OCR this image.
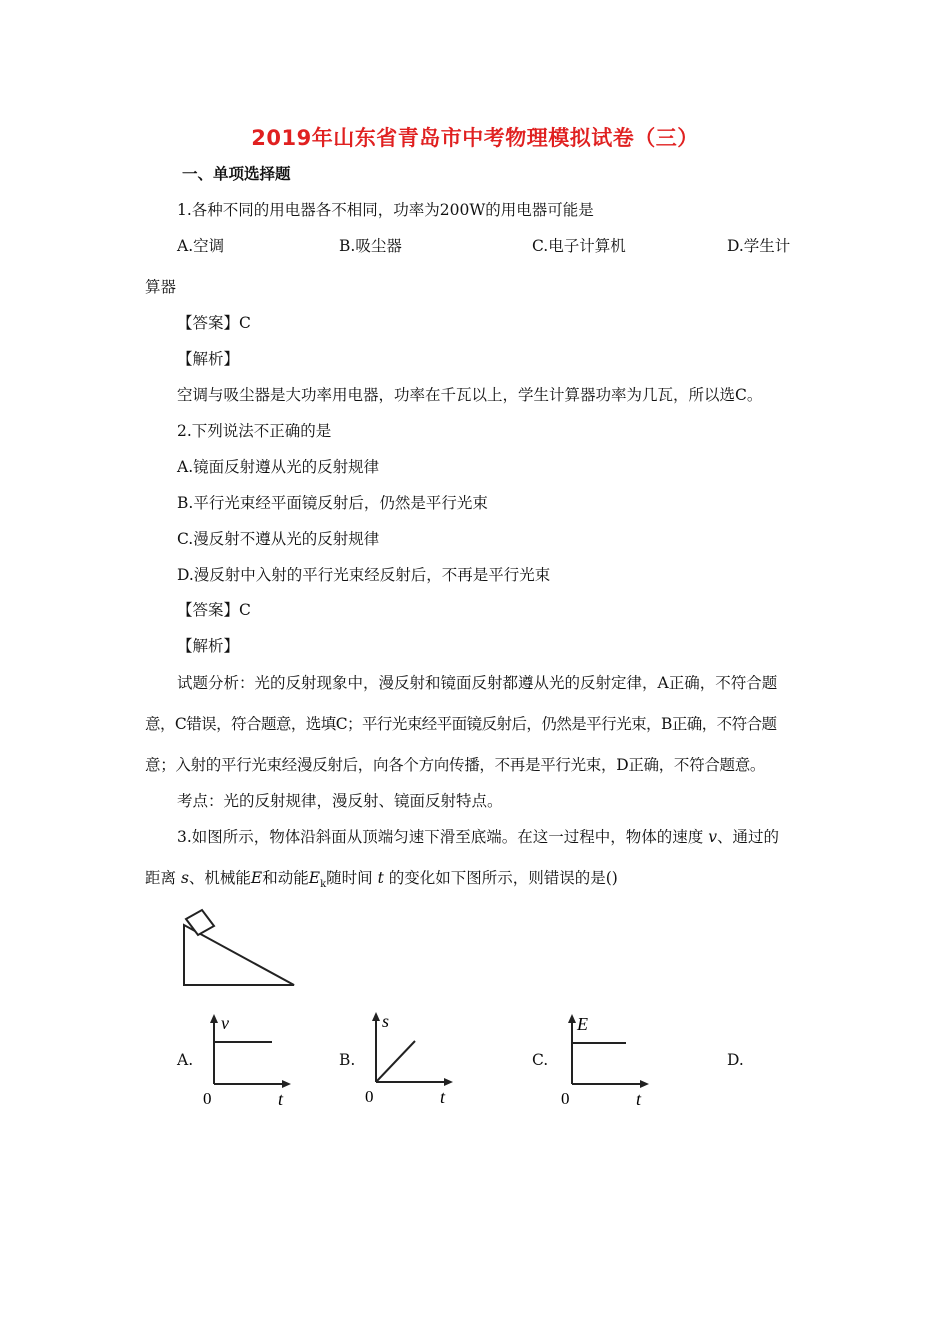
2019年山东省青岛市中考物理模拟试卷（三）
一、单项选择题
1.各种不同的用电器各不相同，功率为200W的用电器可能是
A.空调	B.吸尘器	C.电子计算机	D.学生计
算器
【答案】C
【解析】
空调与吸尘器是大功率用电器，功率在千瓦以上，学生计算器功率为几瓦，所以选C。
2.下列说法不正确的是
A.镜面反射遵从光的反射规律
B.平行光束经平面镜反射后，仍然是平行光束
C.漫反射不遵从光的反射规律
D.漫反射中入射的平行光束经反射后，不再是平行光束
【答案】C
【解析】
试题分析：光的反射现象中，漫反射和镜面反射都遵从光的反射定律，A正确，不符合题
意，C错误，符合题意，选填C；平行光束经平面镜反射后，仍然是平行光束，B正确，不符合题
意；入射的平行光束经漫反射后，向各个方向传播，不再是平行光束，D正确，不符合题意。
考点：光的反射规律，漫反射、镜面反射特点。
3.如图所示，物体沿斜面从顶端匀速下滑至底端。在这一过程中，物体的速度 v、通过的
距离 s、机械能E和动能$E_k$随时间 t 的变化如下图所示，则错误的是()
A.	B.	C.	D.
v
t
0
s
t
0
E
t
0
